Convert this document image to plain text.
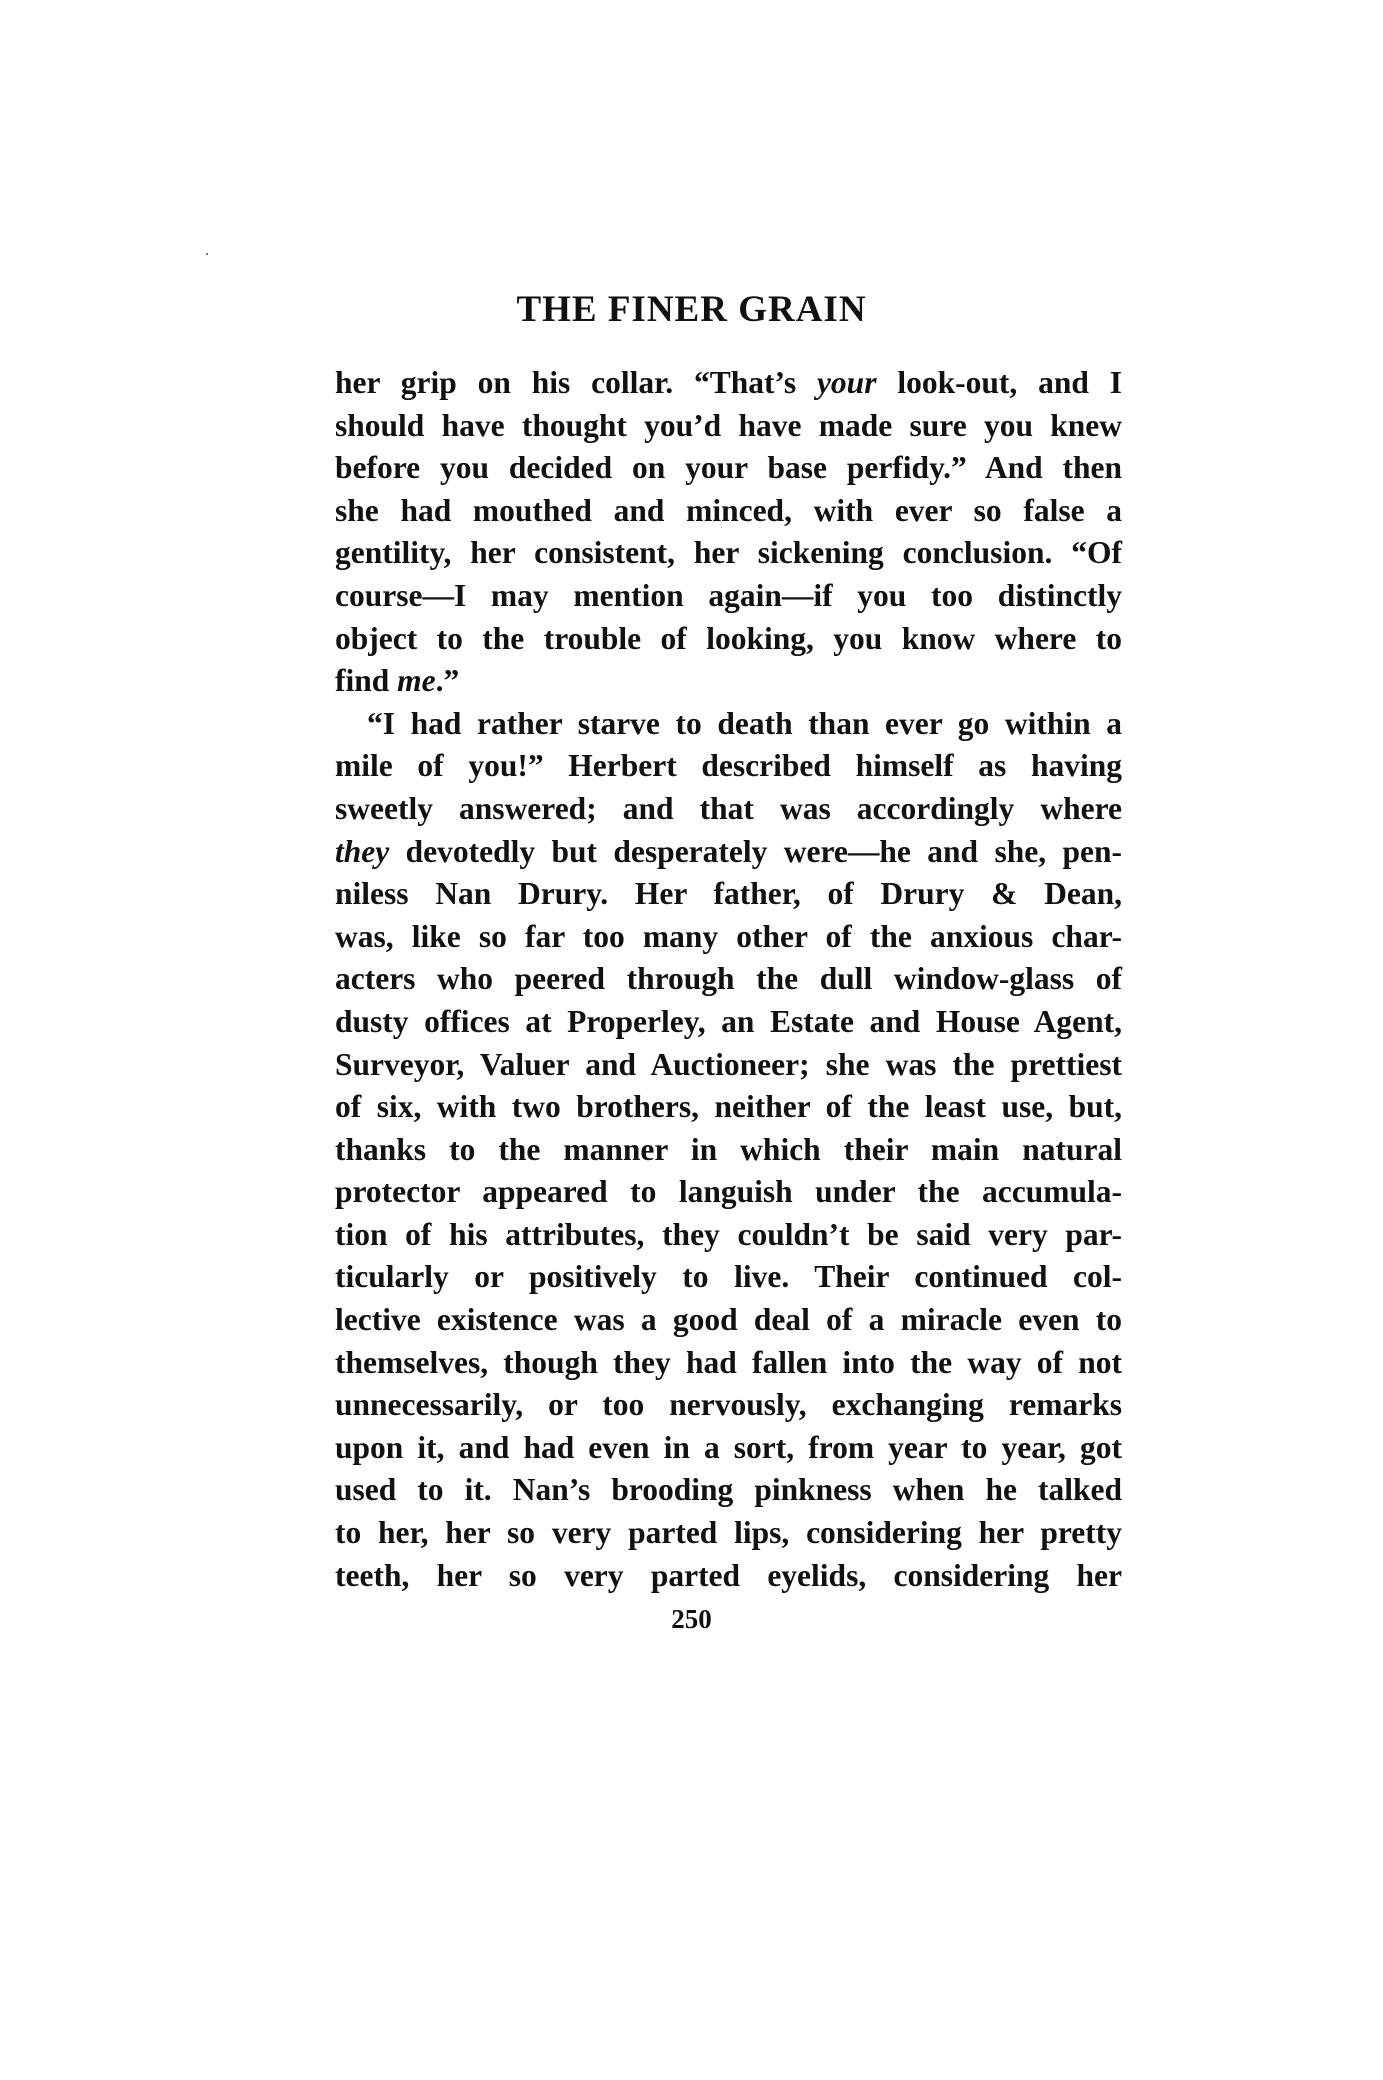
THE FINER GRAIN
her grip on his collar. “That’s your look-out, and I
should have thought you’d have made sure you knew
before you decided on your base perfidy.” And then
she had mouthed and minced, with ever so false a
gentility, her consistent, her sickening conclusion. “Of
course—I may mention again—if you too distinctly
object to the trouble of looking, you know where to
find me.”
“I had rather starve to death than ever go within a
mile of you!” Herbert described himself as having
sweetly answered; and that was accordingly where
they devotedly but desperately were—he and she, pen-
niless Nan Drury. Her father, of Drury & Dean,
was, like so far too many other of the anxious char-
acters who peered through the dull window-glass of
dusty offices at Properley, an Estate and House Agent,
Surveyor, Valuer and Auctioneer; she was the prettiest
of six, with two brothers, neither of the least use, but,
thanks to the manner in which their main natural
protector appeared to languish under the accumula-
tion of his attributes, they couldn’t be said very par-
ticularly or positively to live. Their continued col-
lective existence was a good deal of a miracle even to
themselves, though they had fallen into the way of not
unnecessarily, or too nervously, exchanging remarks
upon it, and had even in a sort, from year to year, got
used to it. Nan’s brooding pinkness when he talked
to her, her so very parted lips, considering her pretty
teeth, her so very parted eyelids, considering her
250
